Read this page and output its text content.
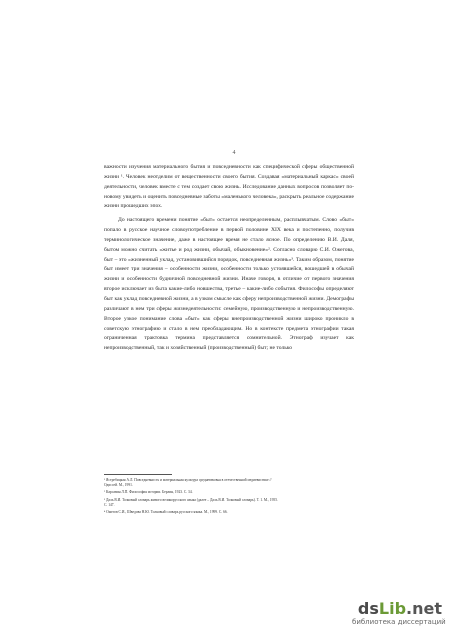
4

важности изучения материального бытия и повседневности как специфической сферы общественной жизни ¹. Человек неотделим от вещественности своего бытия. Создавая «материальный каркас» своей деятельности, человек вместе с тем создает свою жизнь. Исследование данных вопросов позволяет по-новому увидеть и оценить повседневные заботы «маленького человека», раскрыть реальное содержание жизни прошедших эпох.

До настоящего времени понятие «быт» остается неопределенным, расплывчатым. Слово «быт» попало в русское научное словоупотребление в первой половине XIX века и постепенно, получив терминологическое значение, даже в настоящее время не стало ясное. По определению В.И. Даля, бытом можно считать «житье и род жизни, обычай, обыкновение»². Согласно словарю С.И. Ожегова, быт – это «жизненный уклад, установившийся порядок, повседневная жизнь»³. Таким образом, понятие быт имеет три значения – особенности жизни, особенности только устоявшейся, вошедшей в обычай жизни и особенности будничной повседневной жизни. Иначе говоря, в отличие от первого значения второе исключает из быта какие-либо новшества, третье – какие-либо события. Философы определяют быт как уклад повседневной жизни, а в узком смысле как сферу непроизводственной жизни. Демографы различают в нем три сферы жизнедеятельности: семейную, производственную и непроизводственную. Второе узкое понимание слова «быт» как сферы внепроизводственной жизни широко проникло в советскую этнографию и стало в нем преобладающим. Но в контексте предмета этнографии такая ограниченная трактовка термина представляется сомнительной. Этнограф изучает как непроизводственный, так и хозяйственный (производственный) быт; не только

¹ Ястребицкая А.Л. Повседневность и материальная культура средневековья в отечественной медиевистике // Одиссей. М., 1991.

² Карсавин Л.П. Философия истории. Берлин, 1923. С. 34.

³ Даль В.И. Толковый словарь живого великорусского языка (далее – Даль В.И. Толковый словарь). Т. 1. М., 1955. С. 147.

⁴ Ожегов С.И., Шведова Н.Ю. Толковый словарь русского языка. М., 1999. С. 66.

dsLib.net
библиотека диссертаций
